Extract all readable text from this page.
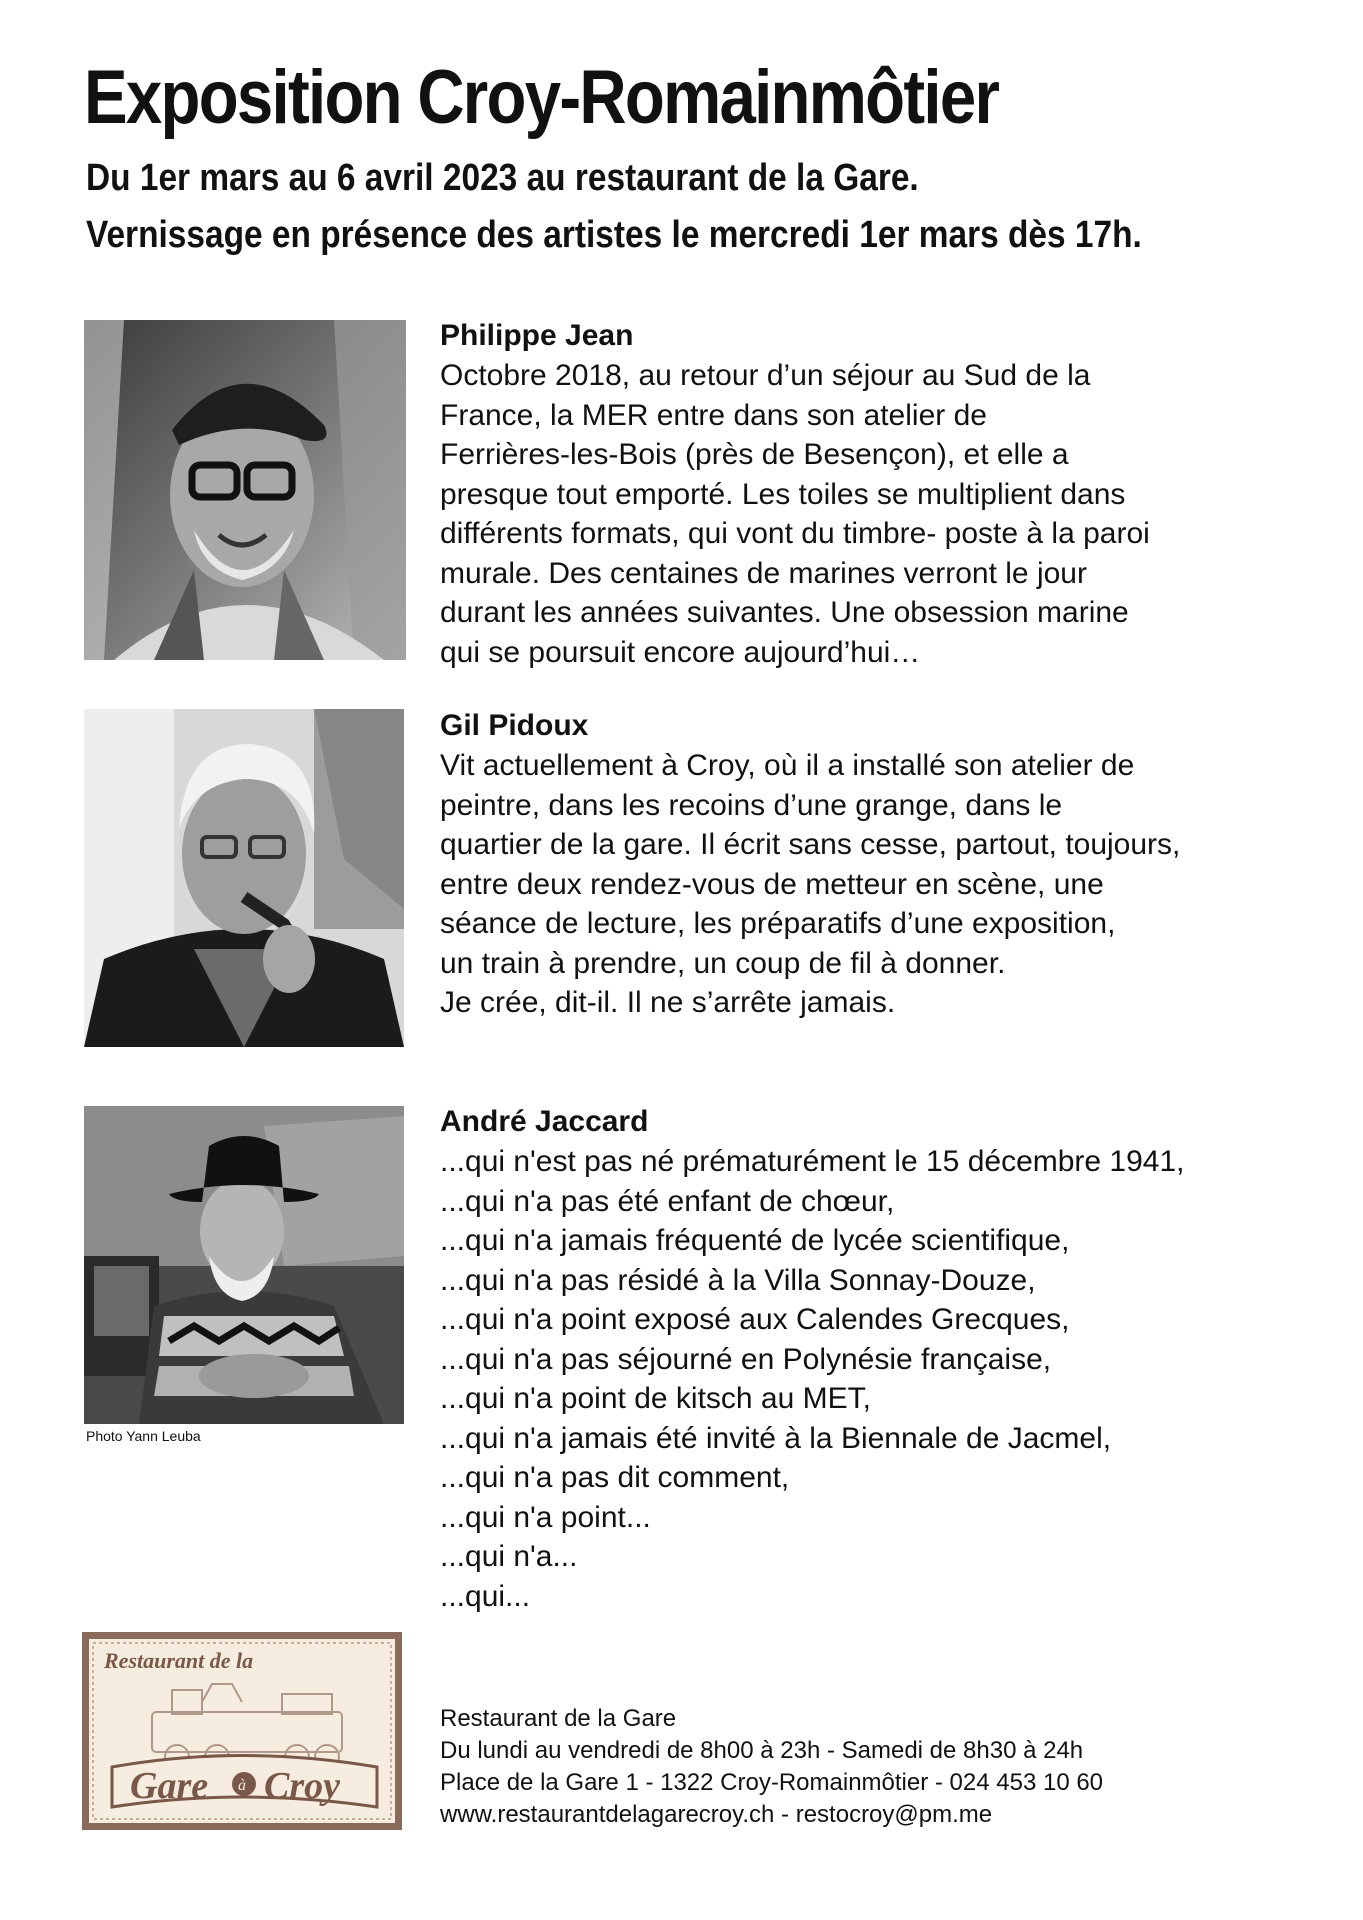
Exposition Croy-Romainmôtier
Du 1er mars au 6 avril 2023 au restaurant de la Gare.
Vernissage en présence des artistes le mercredi 1er mars dès 17h.

Philippe Jean

Octobre 2018, au retour d’un séjour au Sud de la

France, la MER entre dans son atelier de

Ferrières-les-Bois (près de Besençon), et elle a

presque tout emporté. Les toiles se multiplient dans

différents formats, qui vont du timbre- poste à la paroi

murale. Des centaines de marines verront le jour

durant les années suivantes. Une obsession marine

qui se poursuit encore aujourd’hui…

Gil Pidoux

Vit actuellement à Croy, où il a installé son atelier de

peintre, dans les recoins d’une grange, dans le

quartier de la gare. Il écrit sans cesse, partout, toujours,

entre deux rendez-vous de metteur en scène, une

séance de lecture, les préparatifs d’une exposition,

un train à prendre, un coup de fil à donner.

Je crée, dit-il. Il ne s’arrête jamais.

Photo Yann Leuba

André Jaccard

...qui n'est pas né prématurément le 15 décembre 1941,

...qui n'a pas été enfant de chœur,

...qui n'a jamais fréquenté de lycée scientifique,

...qui n'a pas résidé à la Villa Sonnay-Douze,

...qui n'a point exposé aux Calendes Grecques,

...qui n'a pas séjourné en Polynésie française,

...qui n'a point de kitsch au MET,

...qui n'a jamais été invité à la Biennale de Jacmel,

...qui n'a pas dit comment,

...qui n'a point...

...qui n'a...

...qui...

Restaurant de la
Gare à Croy

Restaurant de la Gare

Du lundi au vendredi de 8h00 à 23h - Samedi de 8h30 à 24h

Place de la Gare 1 - 1322 Croy-Romainmôtier - 024 453 10 60

www.restaurantdelagarecroy.ch - restocroy@pm.me
